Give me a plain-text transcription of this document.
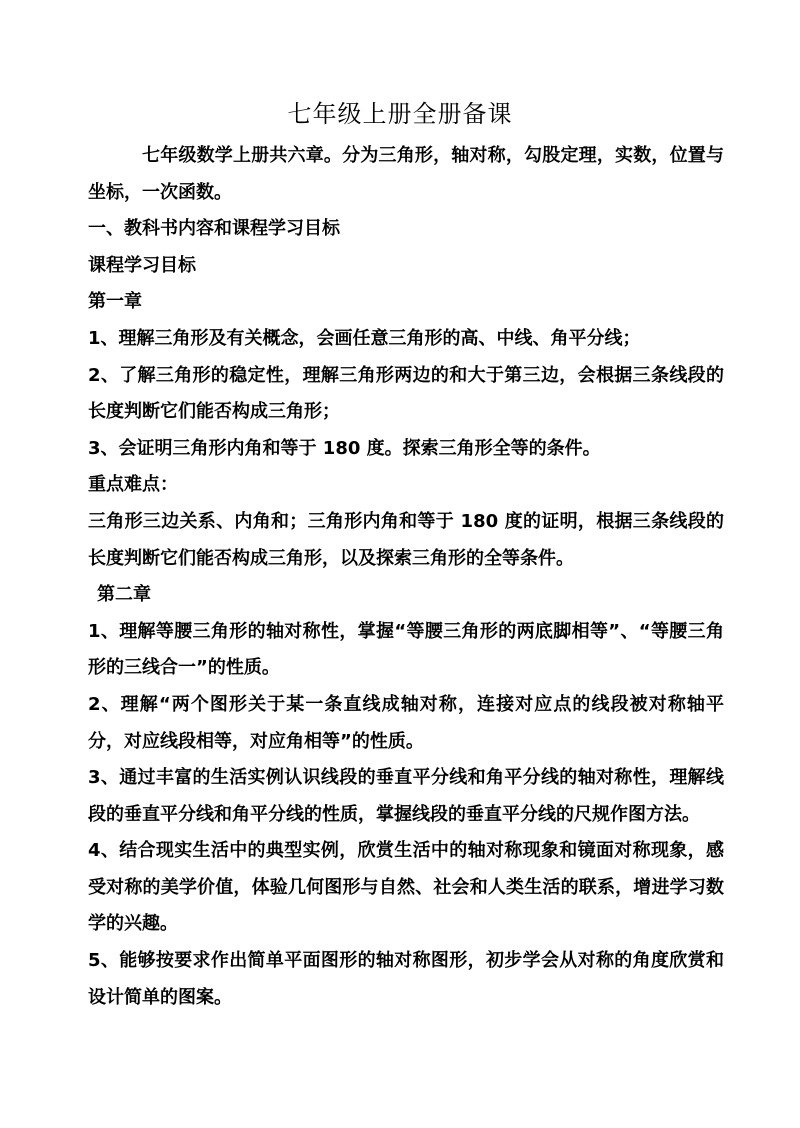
七年级上册全册备课

七年级数学上册共六章。分为三角形，轴对称，勾股定理，实数，位置与坐标，一次函数。

一、教科书内容和课程学习目标

课程学习目标

第一章

1、理解三角形及有关概念，会画任意三角形的高、中线、角平分线；

2、了解三角形的稳定性，理解三角形两边的和大于第三边，会根据三条线段的长度判断它们能否构成三角形；

3、会证明三角形内角和等于 180 度。探索三角形全等的条件。

重点难点：

三角形三边关系、内角和；三角形内角和等于 180 度的证明，根据三条线段的长度判断它们能否构成三角形，以及探索三角形的全等条件。

第二章

1、理解等腰三角形的轴对称性，掌握“等腰三角形的两底脚相等”、“等腰三角形的三线合一”的性质。

2、理解“两个图形关于某一条直线成轴对称，连接对应点的线段被对称轴平分，对应线段相等，对应角相等”的性质。

3、通过丰富的生活实例认识线段的垂直平分线和角平分线的轴对称性，理解线段的垂直平分线和角平分线的性质，掌握线段的垂直平分线的尺规作图方法。

4、结合现实生活中的典型实例，欣赏生活中的轴对称现象和镜面对称现象，感受对称的美学价值，体验几何图形与自然、社会和人类生活的联系，增进学习数学的兴趣。

5、能够按要求作出简单平面图形的轴对称图形，初步学会从对称的角度欣赏和设计简单的图案。
